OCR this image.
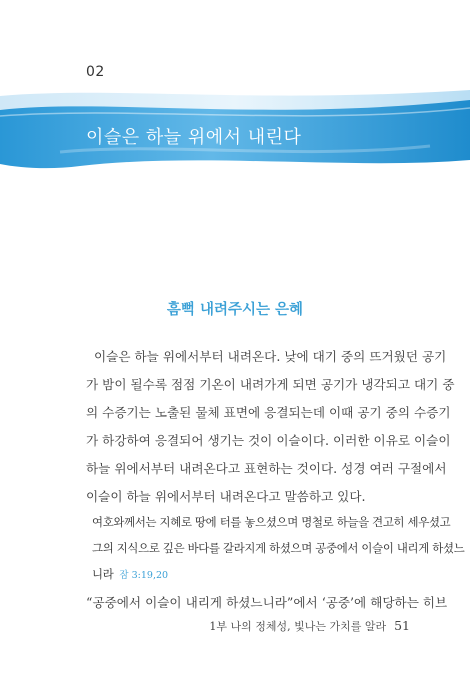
02
이슬은 하늘 위에서 내린다
흠뻑 내려주시는 은혜
이슬은 하늘 위에서부터 내려온다. 낮에 대기 중의 뜨거웠던 공기
가 밤이 될수록 점점 기온이 내려가게 되면 공기가 냉각되고 대기 중
의 수증기는 노출된 물체 표면에 응결되는데 이때 공기 중의 수증기
가 하강하여 응결되어 생기는 것이 이슬이다. 이러한 이유로 이슬이
하늘 위에서부터 내려온다고 표현하는 것이다. 성경 여러 구절에서
이슬이 하늘 위에서부터 내려온다고 말씀하고 있다.
여호와께서는 지혜로 땅에 터를 놓으셨으며 명철로 하늘을 견고히 세우셨고
그의 지식으로 깊은 바다를 갈라지게 하셨으며 공중에서 이슬이 내리게 하셨느
니라 잠 3:19,20
“공중에서 이슬이 내리게 하셨느니라”에서 ‘공중’에 해당하는 히브
1부 나의 정체성, 빛나는 가치를 알라 51
